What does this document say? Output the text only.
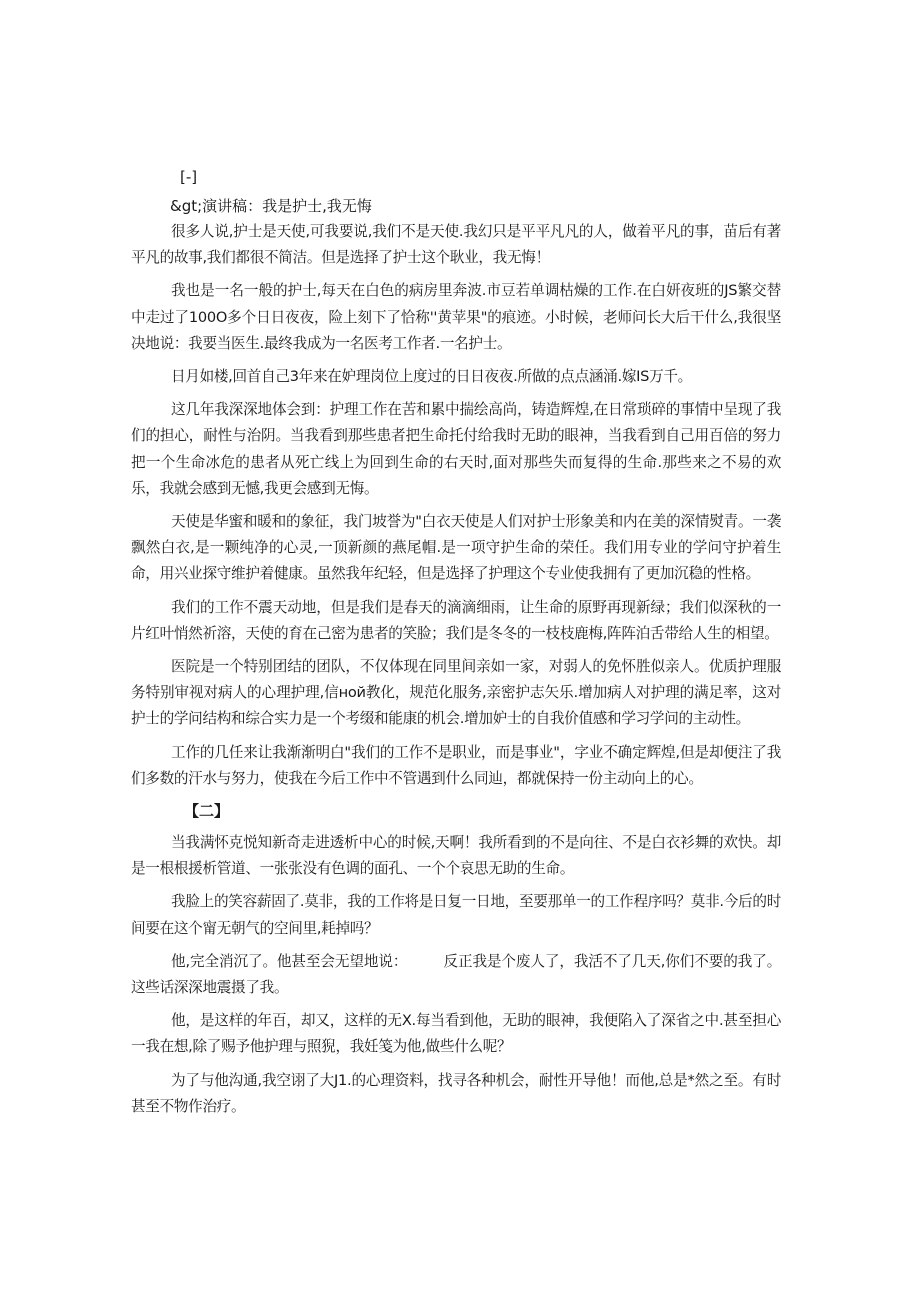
[-]
&gt;演讲稿：我是护士,我无悔

很多人说,护士是天使,可我要说,我们不是天使.我幻只是平平凡凡的人，做着平凡的事，苗后有著平凡的故事,我们都很不简洁。但是选择了护士这个耿业，我无悔！

我也是一名一般的护士,每天在白色的病房里奔波.市豆若单调枯燥的工作.在白妍夜班的JS繁交替中走过了100O多个日日夜夜，险上刻下了恰称''黄苹果"的痕迹。小时候，老师问长大后干什么,我很坚决地说：我要当医生.最终我成为一名医考工作者.一名护士。

日月如楼,回首自己3年来在妒理岗位上度过的日日夜夜.所做的点点涵涌.嫁IS万千。

这几年我深深地体会到：护理工作在苦和累中揣绘高尚，铸造辉煌,在日常琐碎的事情中呈现了我们的担心，耐性与治阴。当我看到那些患者把生命托付给我时无助的眼神，当我看到自己用百倍的努力把一个生命冰危的患者从死亡线上为回到生命的右天时,面对那些失而复得的生命.那些来之不易的欢乐，我就会感到无憾,我更会感到无悔。

天使是华蜜和暖和的象征，我门坡誉为"白衣天使是人们对护士形象美和内在美的深情熨青。一袭飘然白衣,是一颗纯净的心灵,一顶新颜的燕尾帽.是一项守护生命的荣任。我们用专业的学问守护着生命，用兴业探守维护着健康。虽然我年纪轻，但是选择了护理这个专业使我拥有了更加沉稳的性格。

我们的工作不震天动地，但是我们是春天的滴滴细雨，让生命的原野再现新绿；我们似深秋的一片红叶悄然祈溶，天使的育在己密为患者的笑脸；我们是冬冬的一枝枝鹿梅,阵阵泊舌带给人生的相望。

医院是一个特别团结的团队，不仅体现在同里间亲如一家，对弱人的免怀胜似亲人。优质护理服务特别审视对病人的心理护理,信ной教化，规范化服务,亲密护志矢乐.增加病人对护理的满足率，这对护士的学问结构和综合实力是一个考缀和能康的机会.增加妒士的自我价值感和学习学问的主动性。

工作的几任来让我渐渐明白"我们的工作不是职业，而是事业"，字业不确定辉煌,但是却便注了我们多数的汗水与努力，使我在今后工作中不管遇到什么同辿，都就保持一份主动向上的心。

【二】

当我满怀克悦知新奇走进透析中心的时候,天啊！我所看到的不是向往、不是白衣衫舞的欢快。却是一根根援析管道、一张张没有色调的面孔、一个个哀思无助的生命。

我脸上的笑容薪固了.莫非，我的工作将是日复一日地，至要那单一的工作程序吗？莫非.今后的时间要在这个甯无朝气的空间里,耗掉吗？

他,完全消沉了。他甚至会无望地说：　　　反正我是个废人了，我活不了几天,你们不要的我了。这些话深深地震摄了我。

他，是这样的年百，却又，这样的无X.每当看到他，无助的眼神，我便陷入了深省之中.甚至担心一我在想,除了赐予他护理与照猊，我妊笺为他,做些什么呢？

为了与他沟通,我空诩了大J1.的心理资料，找寻各种机会，耐性开导他！而他,总是*然之至。有时甚至不物作治疗。
